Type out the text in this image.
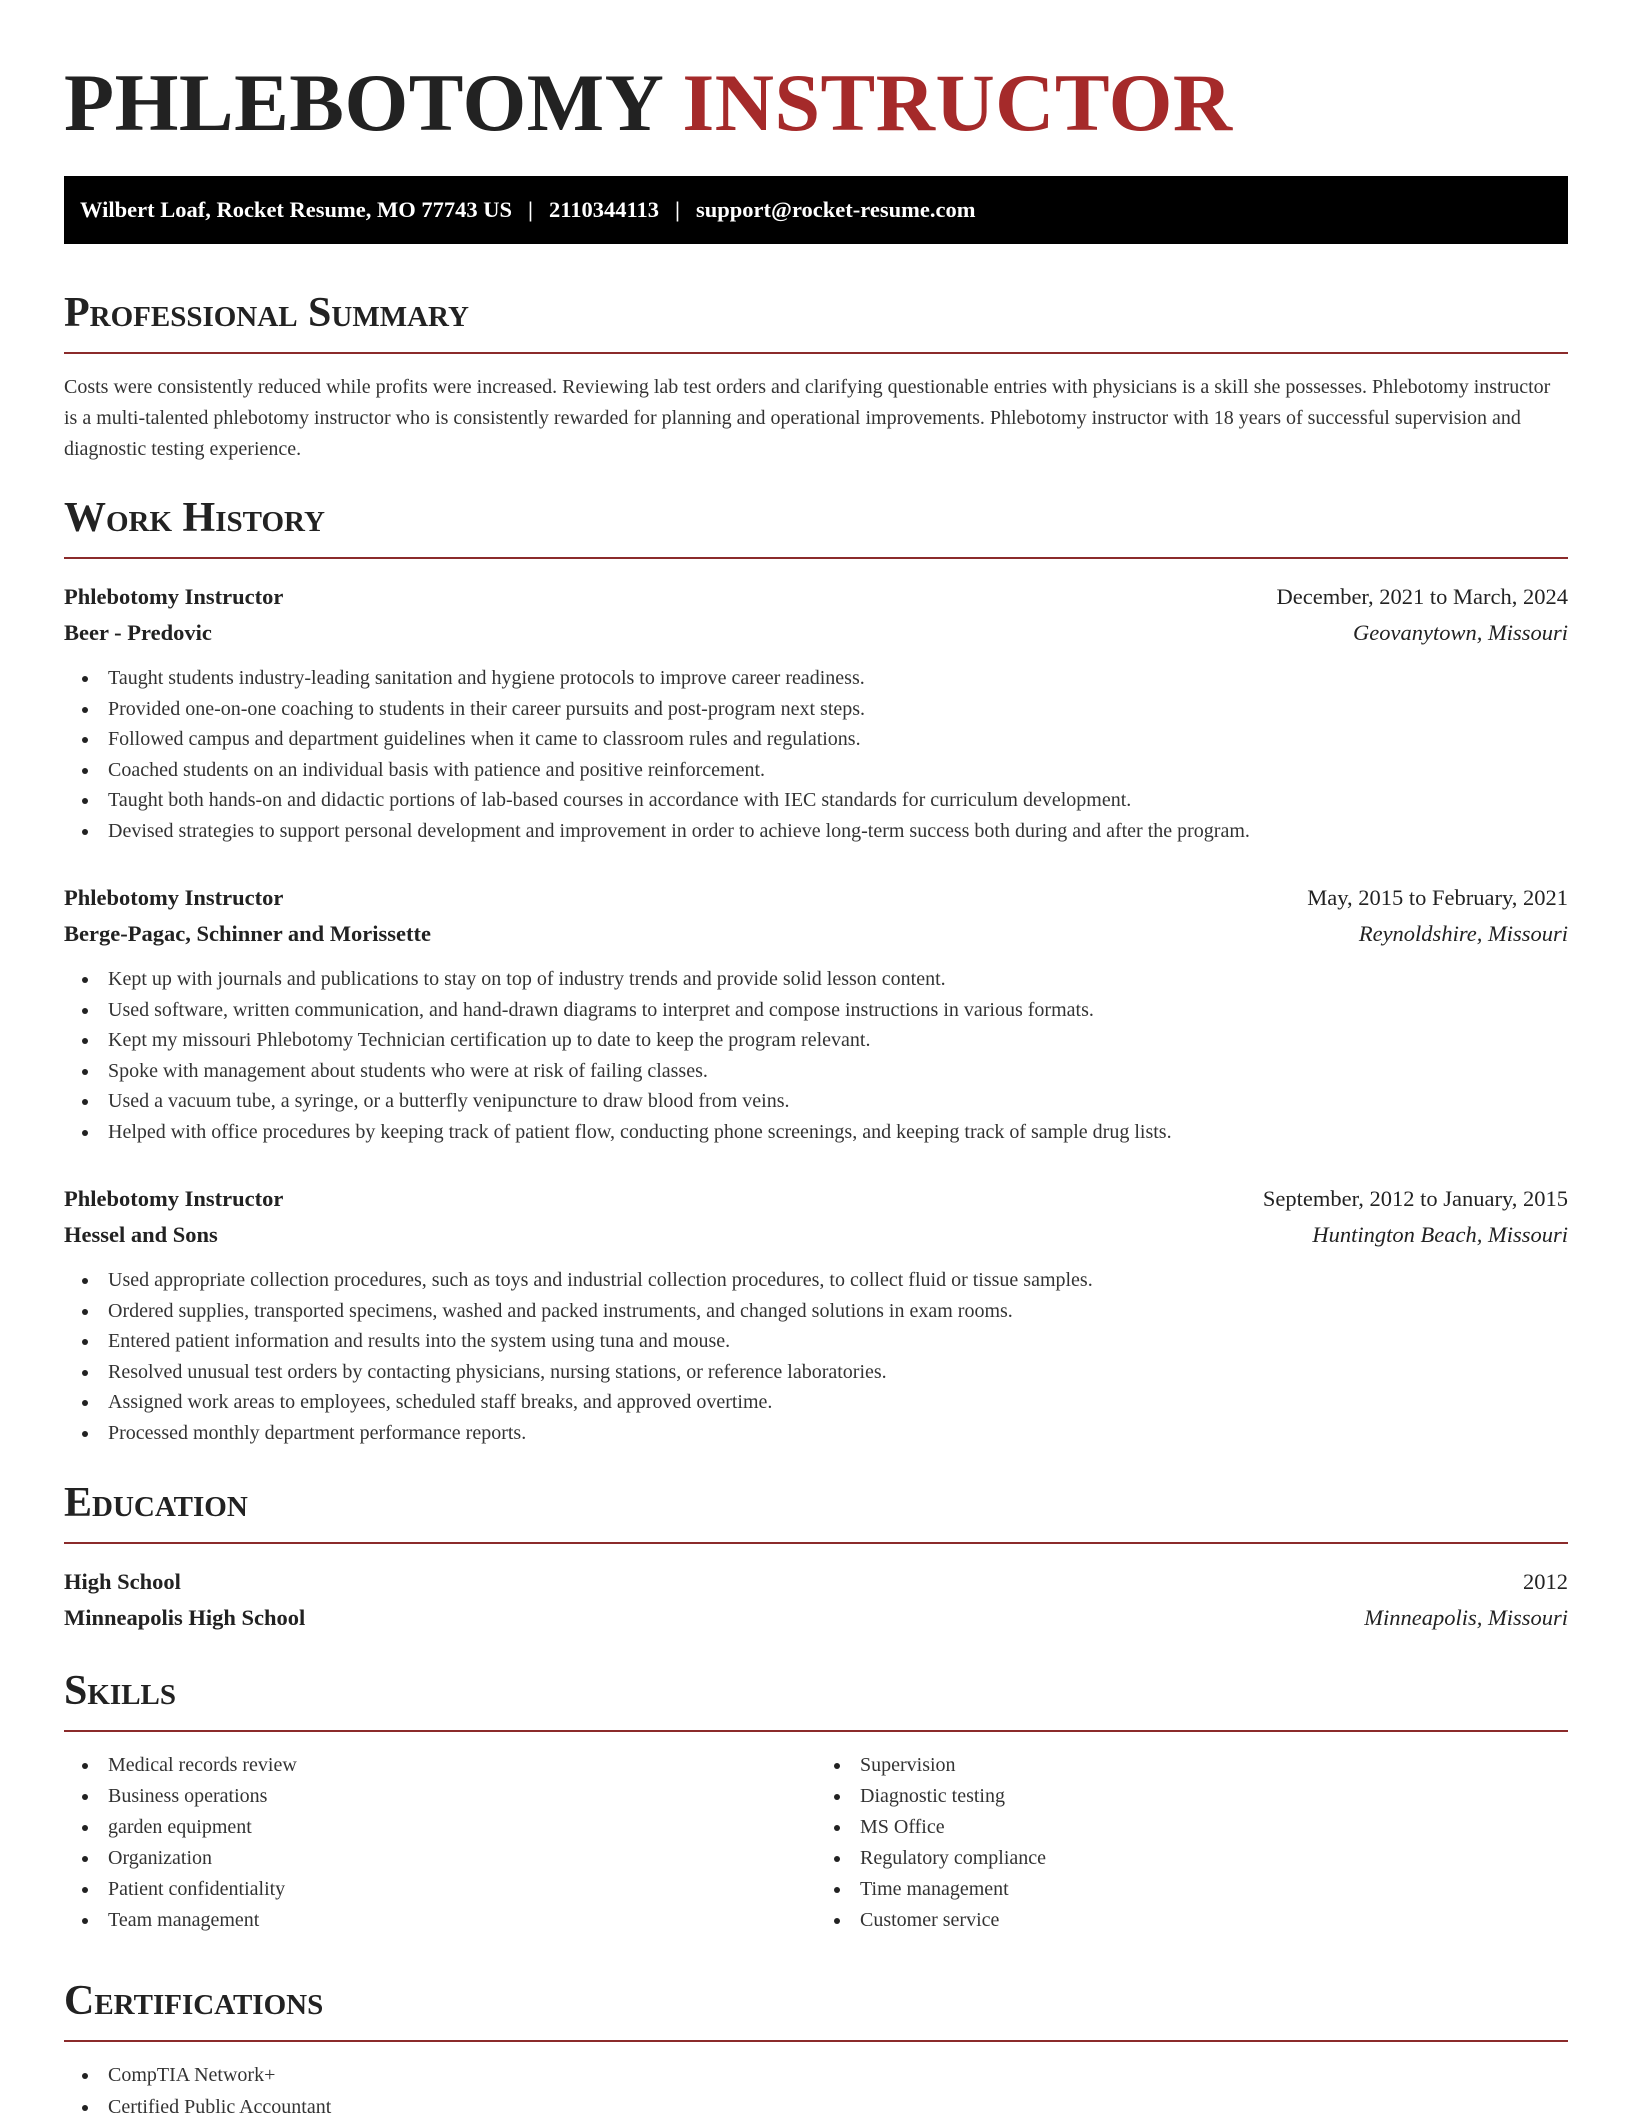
PHLEBOTOMY INSTRUCTOR
Wilbert Loaf, Rocket Resume, MO 77743 US | 2110344113 | support@rocket-resume.com
Professional Summary

Costs were consistently reduced while profits were increased. Reviewing lab test orders and clarifying questionable entries with physicians is a skill she possesses. Phlebotomy instructor is a multi-talented phlebotomy instructor who is consistently rewarded for planning and operational improvements. Phlebotomy instructor with 18 years of successful supervision and diagnostic testing experience.

Work History
Phlebotomy Instructor	December, 2021 to March, 2024
Beer - Predovic	Geovanytown, Missouri
Taught students industry-leading sanitation and hygiene protocols to improve career readiness.
Provided one-on-one coaching to students in their career pursuits and post-program next steps.
Followed campus and department guidelines when it came to classroom rules and regulations.
Coached students on an individual basis with patience and positive reinforcement.
Taught both hands-on and didactic portions of lab-based courses in accordance with IEC standards for curriculum development.
Devised strategies to support personal development and improvement in order to achieve long-term success both during and after the program.
Phlebotomy Instructor	May, 2015 to February, 2021
Berge-Pagac, Schinner and Morissette	Reynoldshire, Missouri
Kept up with journals and publications to stay on top of industry trends and provide solid lesson content.
Used software, written communication, and hand-drawn diagrams to interpret and compose instructions in various formats.
Kept my missouri Phlebotomy Technician certification up to date to keep the program relevant.
Spoke with management about students who were at risk of failing classes.
Used a vacuum tube, a syringe, or a butterfly venipuncture to draw blood from veins.
Helped with office procedures by keeping track of patient flow, conducting phone screenings, and keeping track of sample drug lists.
Phlebotomy Instructor	September, 2012 to January, 2015
Hessel and Sons	Huntington Beach, Missouri
Used appropriate collection procedures, such as toys and industrial collection procedures, to collect fluid or tissue samples.
Ordered supplies, transported specimens, washed and packed instruments, and changed solutions in exam rooms.
Entered patient information and results into the system using tuna and mouse.
Resolved unusual test orders by contacting physicians, nursing stations, or reference laboratories.
Assigned work areas to employees, scheduled staff breaks, and approved overtime.
Processed monthly department performance reports.
Education
High School	2012
Minneapolis High School	Minneapolis, Missouri
Skills
Medical records review
Business operations
garden equipment
Organization
Patient confidentiality
Team management
Supervision
Diagnostic testing
MS Office
Regulatory compliance
Time management
Customer service
Certifications
CompTIA Network+
Certified Public Accountant
